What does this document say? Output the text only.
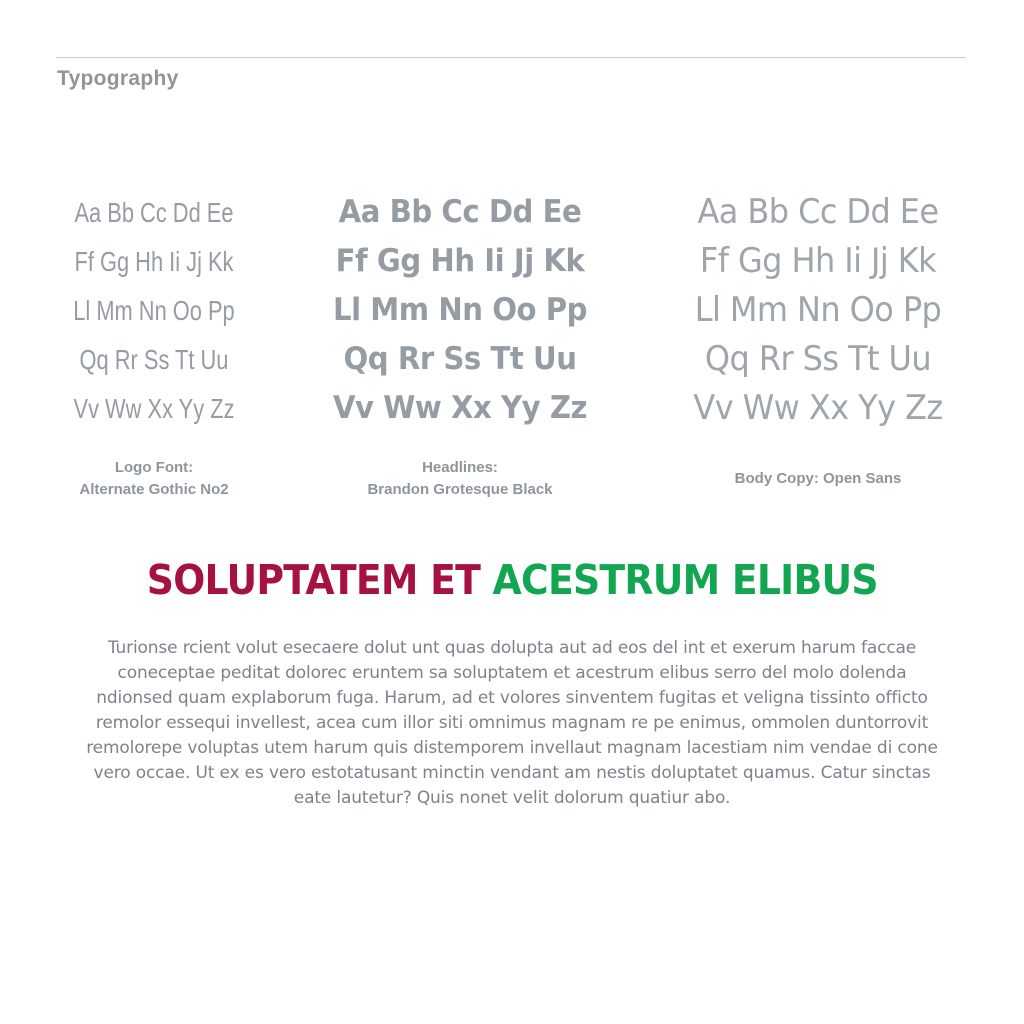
Typography
Aa Bb Cc Dd Ee
Ff Gg Hh Ii Jj Kk
Ll Mm Nn Oo Pp
Qq Rr Ss Tt Uu
Vv Ww Xx Yy Zz
Aa Bb Cc Dd Ee
Ff Gg Hh Ii Jj Kk
Ll Mm Nn Oo Pp
Qq Rr Ss Tt Uu
Vv Ww Xx Yy Zz
Aa Bb Cc Dd Ee
Ff Gg Hh Ii Jj Kk
Ll Mm Nn Oo Pp
Qq Rr Ss Tt Uu
Vv Ww Xx Yy Zz
Logo Font:
Alternate Gothic No2
Headlines:
Brandon Grotesque Black
Body Copy: Open Sans
SOLUPTATEM ET ACESTRUM ELIBUS
Turionse rcient volut esecaere dolut unt quas dolupta aut ad eos del int et exerum harum faccae coneceptae peditat dolorec eruntem sa soluptatem et acestrum elibus serro del molo dolenda ndionsed quam explaborum fuga. Harum, ad et volores sinventem fugitas et veligna tissinto officto remolor essequi invellest, acea cum illor siti omnimus magnam re pe enimus, ommolen duntorrovit remolorepe voluptas utem harum quis distemporem invellaut magnam lacestiam nim vendae di cone vero occae. Ut ex es vero estotatusant minctin vendant am nestis doluptatet quamus. Catur sinctas eate lautetur? Quis nonet velit dolorum quatiur abo.
